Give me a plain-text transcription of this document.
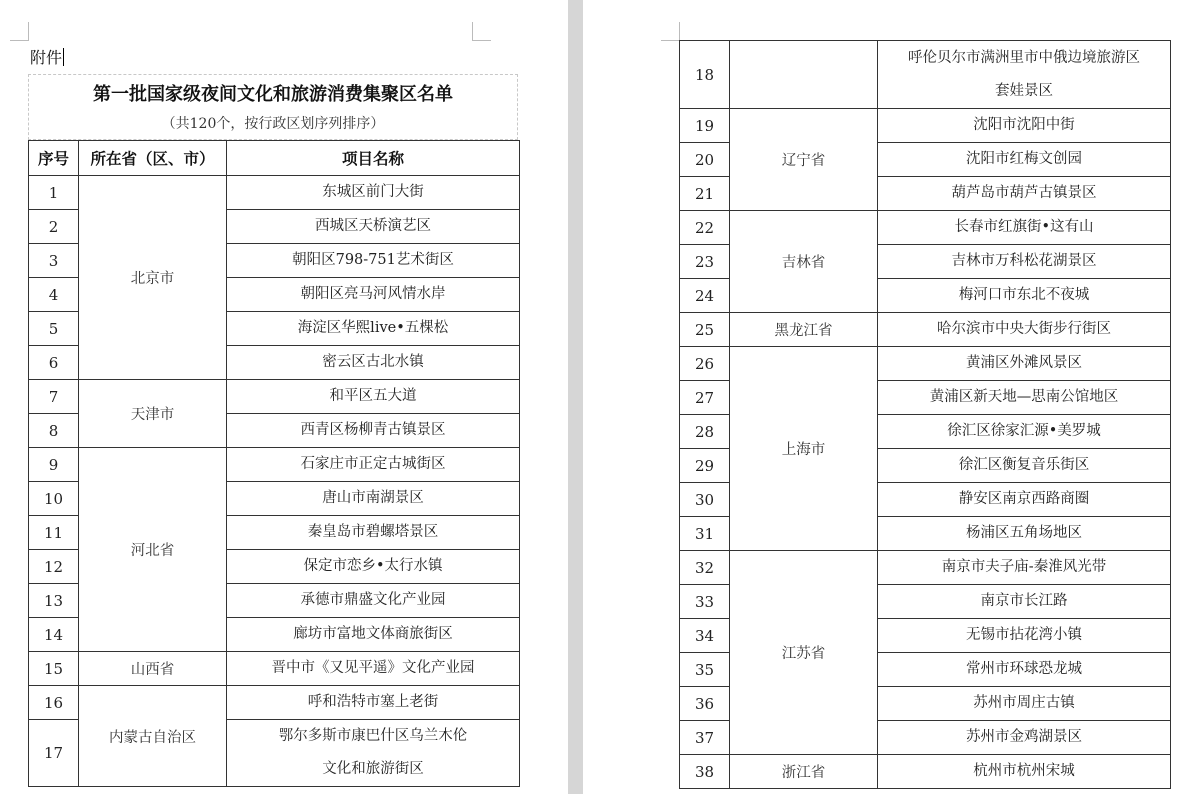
附件
第一批国家级夜间文化和旅游消费集聚区名单
（共120个，按行政区划序列排序）
序号	所在省（区、市）	项目名称
1	北京市	东城区前门大街
2		西城区天桥演艺区
3		朝阳区798-751艺术街区
4		朝阳区亮马河风情水岸
5		海淀区华熙live•五棵松
6		密云区古北水镇
7	天津市	和平区五大道
8		西青区杨柳青古镇景区
9	河北省	石家庄市正定古城街区
10		唐山市南湖景区
11		秦皇岛市碧螺塔景区
12		保定市恋乡•太行水镇
13		承德市鼎盛文化产业园
14		廊坊市富地文体商旅街区
15	山西省	晋中市《又见平遥》文化产业园
16	内蒙古自治区	呼和浩特市塞上老街
17		鄂尔多斯市康巴什区乌兰木伦
文化和旅游街区
18		呼伦贝尔市满洲里市中俄边境旅游区
套娃景区

19	辽宁省	沈阳市沈阳中街
20		沈阳市红梅文创园
21		葫芦岛市葫芦古镇景区
22	吉林省	长春市红旗街•这有山
23		吉林市万科松花湖景区
24		梅河口市东北不夜城
25	黑龙江省	哈尔滨市中央大街步行街区
26	上海市	黄浦区外滩风景区
27		黄浦区新天地—思南公馆地区
28		徐汇区徐家汇源•美罗城
29		徐汇区衡复音乐街区
30		静安区南京西路商圈
31		杨浦区五角场地区
32	江苏省	南京市夫子庙-秦淮风光带
33		南京市长江路
34		无锡市拈花湾小镇
35		常州市环球恐龙城
36		苏州市周庄古镇
37		苏州市金鸡湖景区
38	浙江省	杭州市杭州宋城
